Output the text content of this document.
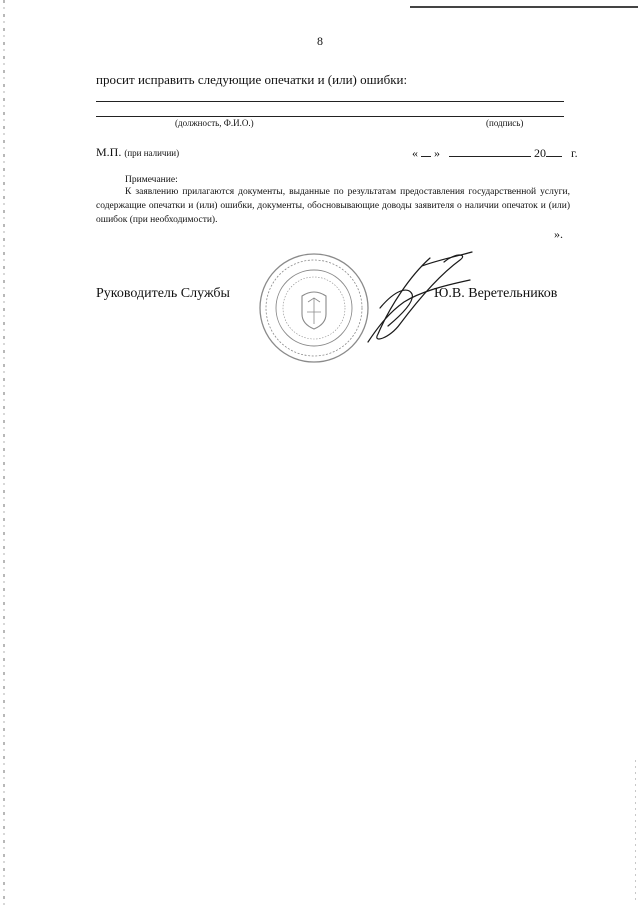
8
просит исправить следующие опечатки и (или) ошибки:
(должность, Ф.И.О.)	(подпись)
М.П. (при наличии)	« »	20 г.
Примечание:
К заявлению прилагаются документы, выданные по результатам предоставления государственной услуги, содержащие опечатки и (или) ошибки, документы, обосновывающие доводы заявителя о наличии опечаток и (или) ошибок (при необходимости).
».
Руководитель Службы	Ю.В. Веретельников
